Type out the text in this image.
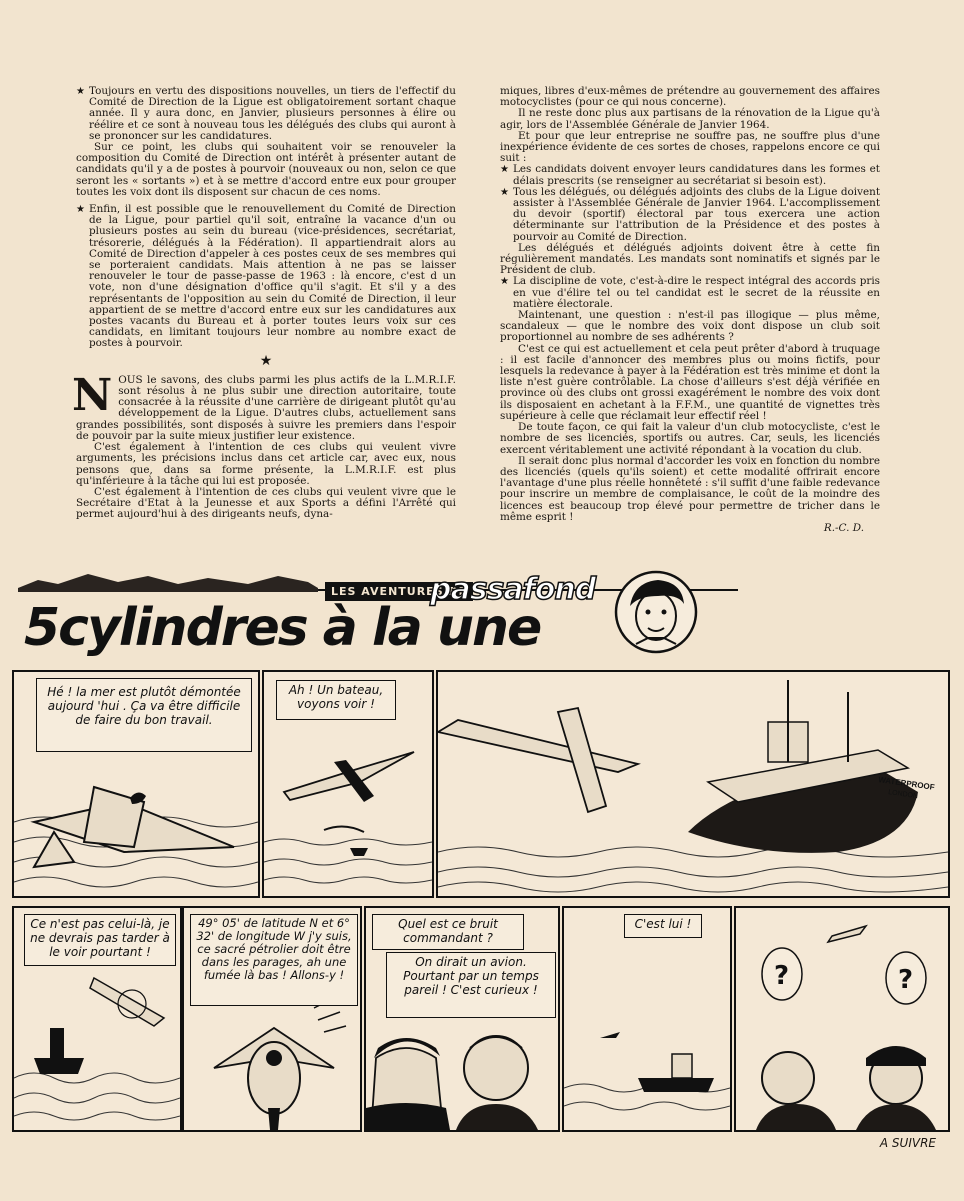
★ Toujours en vertu des dispositions nouvelles, un tiers de l'effectif du Comité de Direction de la Ligue est obligatoirement sortant chaque année. Il y aura donc, en Janvier, plusieurs personnes à élire ou réélire et ce sont à nouveau tous les délégués des clubs qui auront à se prononcer sur les candidatures.

Sur ce point, les clubs qui souhaitent voir se renouveler la composition du Comité de Direction ont intérêt à présenter autant de candidats qu'il y a de postes à pourvoir (nouveaux ou non, selon ce que seront les « sortants ») et à se mettre d'accord entre eux pour grouper toutes les voix dont ils disposent sur chacun de ces noms.

★ Enfin, il est possible que le renouvellement du Comité de Direction de la Ligue, pour partiel qu'il soit, entraîne la vacance d'un ou plusieurs postes au sein du bureau (vice-présidences, secrétariat, trésorerie, délégués à la Fédération). Il appartiendrait alors au Comité de Direction d'appeler à ces postes ceux de ses membres qui se porteraient candidats. Mais attention à ne pas se laisser renouveler le tour de passe-passe de 1963 : là encore, c'est d un vote, non d'une désignation d'office qu'il s'agit. Et s'il y a des représentants de l'opposition au sein du Comité de Direction, il leur appartient de se mettre d'accord entre eux sur les candidatures aux postes vacants du Bureau et à porter toutes leurs voix sur ces candidats, en limitant toujours leur nombre au nombre exact de postes à pourvoir.

★

NOUS le savons, des clubs parmi les plus actifs de la L.M.R.I.F. sont résolus à ne plus subir une direction autoritaire, toute consacrée à la réussite d'une carrière de dirigeant plutôt qu'au développement de la Ligue. D'autres clubs, actuellement sans grandes possibilités, sont disposés à suivre les premiers dans l'espoir de pouvoir par la suite mieux justifier leur existence.

C'est également à l'intention de ces clubs qui veulent vivre arguments, les précisions inclus dans cet article car, avec eux, nous pensons que, dans sa forme présente, la L.M.R.I.F. est plus qu'inférieure à la tâche qui lui est proposée.

C'est également à l'intention de ces clubs qui veulent vivre que le Secrétaire d'Etat à la Jeunesse et aux Sports a défini l'Arrêté qui permet aujourd'hui à des dirigeants neufs, dyna-

miques, libres d'eux-mêmes de prétendre au gouvernement des affaires motocyclistes (pour ce qui nous concerne).

Il ne reste donc plus aux partisans de la rénovation de la Ligue qu'à agir, lors de l'Assemblée Générale de Janvier 1964.

Et pour que leur entreprise ne souffre pas, ne souffre plus d'une inexpérience évidente de ces sortes de choses, rappelons encore ce qui suit :

★ Les candidats doivent envoyer leurs candidatures dans les formes et délais prescrits (se renseigner au secrétariat si besoin est).

★ Tous les délégués, ou délégués adjoints des clubs de la Ligue doivent assister à l'Assemblée Générale de Janvier 1964. L'accomplissement du devoir (sportif) électoral par tous exercera une action déterminante sur l'attribution de la Présidence et des postes à pourvoir au Comité de Direction.

Les délégués et délégués adjoints doivent être à cette fin régulièrement mandatés. Les mandats sont nominatifs et signés par le Président de club.

★ La discipline de vote, c'est-à-dire le respect intégral des accords pris en vue d'élire tel ou tel candidat est le secret de la réussite en matière électorale.

Maintenant, une question : n'est-il pas illogique — plus même, scandaleux — que le nombre des voix dont dispose un club soit proportionnel au nombre de ses adhérents ?

C'est ce qui est actuellement et cela peut prêter d'abord à truquage : il est facile d'annoncer des membres plus ou moins fictifs, pour lesquels la redevance à payer à la Fédération est très minime et dont la liste n'est guère contrôlable. La chose d'ailleurs s'est déjà vérifiée en province où des clubs ont grossi exagérément le nombre des voix dont ils disposaient en achetant à la F.F.M., une quantité de vignettes très supérieure à celle que réclamait leur effectif réel !

De toute façon, ce qui fait la valeur d'un club motocycliste, c'est le nombre de ses licenciés, sportifs ou autres. Car, seuls, les licenciés exercent véritablement une activité répondant à la vocation du club.

Il serait donc plus normal d'accorder les voix en fonction du nombre des licenciés (quels qu'ils soient) et cette modalité offrirait encore l'avantage d'une plus réelle honnêteté : s'il suffit d'une faible redevance pour inscrire un membre de complaisance, le coût de la moindre des licences est beaucoup trop élevé pour permettre de tricher dans le même esprit !

R.-C. D.

LES AVENTURES DE
passafond
5cylindres à la une
Hé ! la mer est plutôt démontée aujourd 'hui . Ça va être difficile de faire du bon travail.
Ah ! Un bateau, voyons voir !
WATERPROOF
LONDON
Ce n'est pas celui-là, je ne devrais pas tarder à le voir pourtant !
49° 05' de latitude N et 6° 32' de longitude W j'y suis, ce sacré pétrolier doit être dans les parages, ah une fumée là bas ! Allons-y !
Quel est ce bruit commandant ?
On dirait un avion. Pourtant par un temps pareil ! C'est curieux !
C'est lui !
?	?
A SUIVRE
